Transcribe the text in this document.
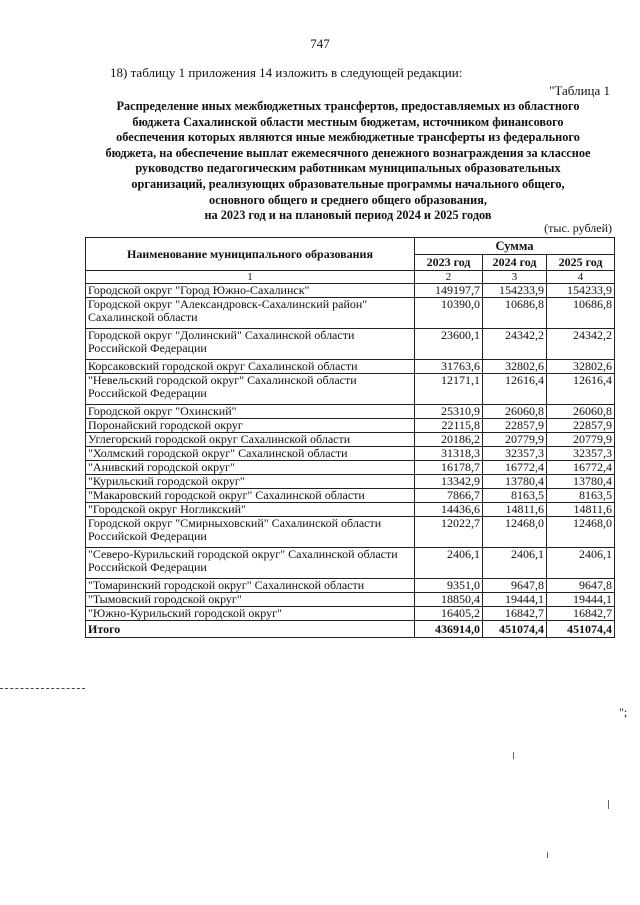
747
18) таблицу 1 приложения 14 изложить в следующей редакции:
"Таблица 1
Распределение иных межбюджетных трансфертов, предоставляемых из областного
бюджета Сахалинской области местным бюджетам, источником финансового
обеспечения которых являются иные межбюджетные трансферты из федерального
бюджета, на обеспечение выплат ежемесячного денежного вознаграждения за классное
руководство педагогическим работникам муниципальных образовательных
организаций, реализующих образовательные программы начального общего,
основного общего и среднего общего образования,
на 2023 год и на плановый период 2024 и 2025 годов
(тыс. рублей)
Наименование муниципального образования	Сумма		
	2023 год	2024 год	2025 год
1	2	3	4
Городской округ "Город Южно-Сахалинск"	149197,7	154233,9	154233,9
Городской округ "Александровск-Сахалинский район" Сахалинской области	10390,0	10686,8	10686,8
Городской округ "Долинский" Сахалинской области Российской Федерации	23600,1	24342,2	24342,2
Корсаковский городской округ Сахалинской области	31763,6	32802,6	32802,6
"Невельский городской округ" Сахалинской области Российской Федерации	12171,1	12616,4	12616,4
Городской округ "Охинский"	25310,9	26060,8	26060,8
Поронайский городской округ	22115,8	22857,9	22857,9
Углегорский городской округ Сахалинской области	20186,2	20779,9	20779,9
"Холмский городской округ" Сахалинской области	31318,3	32357,3	32357,3
"Анивский городской округ"	16178,7	16772,4	16772,4
"Курильский городской округ"	13342,9	13780,4	13780,4
"Макаровский городской округ" Сахалинской области	7866,7	8163,5	8163,5
"Городской округ Ногликский"	14436,6	14811,6	14811,6
Городской округ "Смирныховский" Сахалинской области Российской Федерации	12022,7	12468,0	12468,0
"Северо-Курильский городской округ" Сахалинской области Российской Федерации	2406,1	2406,1	2406,1
"Томаринский городской округ" Сахалинской области	9351,0	9647,8	9647,8
"Тымовский городской округ"	18850,4	19444,1	19444,1
"Южно-Курильский городской округ"	16405,2	16842,7	16842,7
Итого	436914,0	451074,4	451074,4
";
